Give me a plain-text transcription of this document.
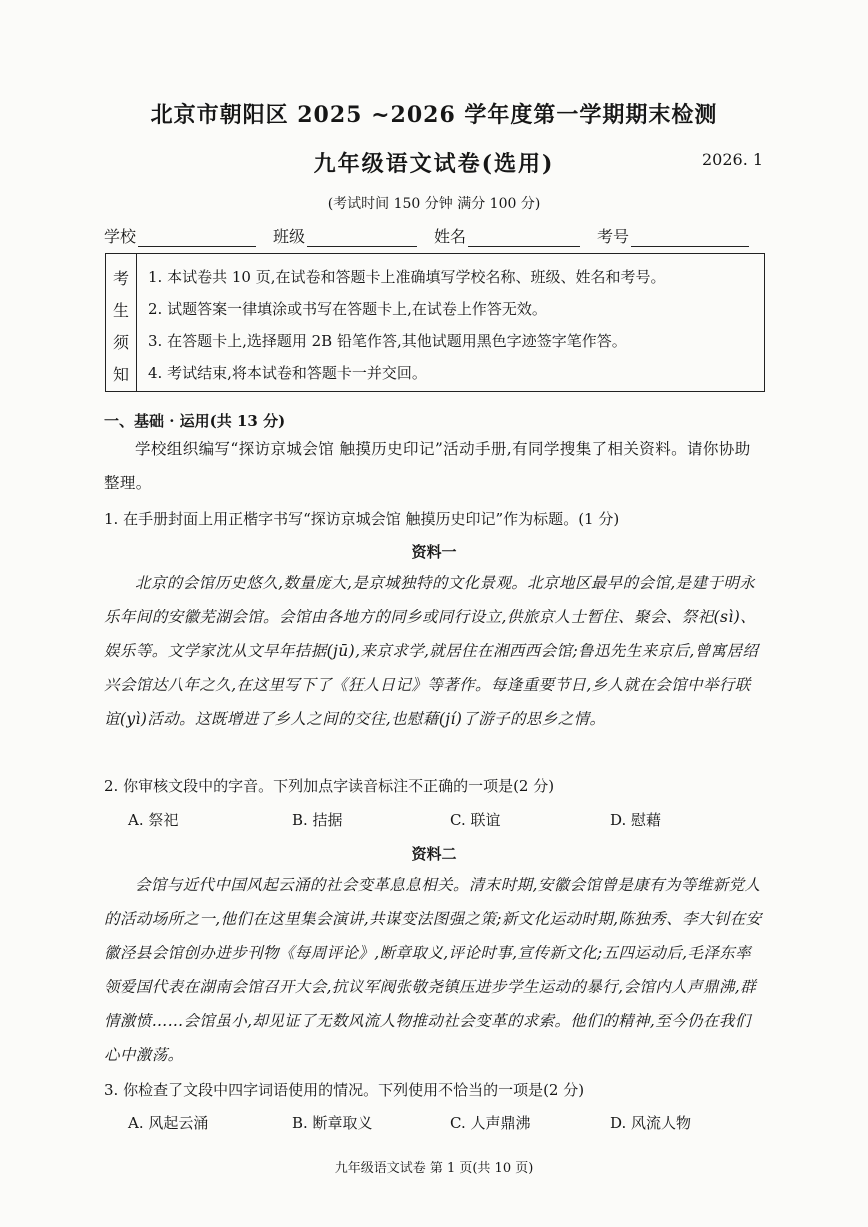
北京市朝阳区 2025 ~2026 学年度第一学期期末检测
九年级语文试卷(选用)	2026. 1
(考试时间 150 分钟 满分 100 分)
学校	班级	姓名	考号
考
生
须
知
1. 本试卷共 10 页,在试卷和答题卡上准确填写学校名称、班级、姓名和考号。
2. 试题答案一律填涂或书写在答题卡上,在试卷上作答无效。
3. 在答题卡上,选择题用 2B 铅笔作答,其他试题用黑色字迹签字笔作答。
4. 考试结束,将本试卷和答题卡一并交回。
一、基础 · 运用(共 13 分)
学校组织编写“探访京城会馆 触摸历史印记”活动手册,有同学搜集了相关资料。请你协助整理。
1. 在手册封面上用正楷字书写“探访京城会馆 触摸历史印记”作为标题。(1 分)
资料一
北京的会馆历史悠久,数量庞大,是京城独特的文化景观。北京地区最早的会馆,是建于明永乐年间的安徽芜湖会馆。会馆由各地方的同乡或同行设立,供旅京人士暂住、聚会、祭祀(sì)、娱乐等。文学家沈从文早年拮据(jū),来京求学,就居住在湘西西会馆;鲁迅先生来京后,曾寓居绍兴会馆达八年之久,在这里写下了《狂人日记》等著作。每逢重要节日,乡人就在会馆中举行联谊(yì)活动。这既增进了乡人之间的交往,也慰藉(jí)了游子的思乡之情。
2. 你审核文段中的字音。下列加点字读音标注不正确的一项是(2 分)
A. 祭祀	B. 拮据	C. 联谊	D. 慰藉
资料二
会馆与近代中国风起云涌的社会变革息息相关。清末时期,安徽会馆曾是康有为等维新党人的活动场所之一,他们在这里集会演讲,共谋变法图强之策;新文化运动时期,陈独秀、李大钊在安徽泾县会馆创办进步刊物《每周评论》,断章取义,评论时事,宣传新文化;五四运动后,毛泽东率领爱国代表在湖南会馆召开大会,抗议军阀张敬尧镇压进步学生运动的暴行,会馆内人声鼎沸,群情激愤……会馆虽小,却见证了无数风流人物推动社会变革的求索。他们的精神,至今仍在我们心中激荡。
3. 你检查了文段中四字词语使用的情况。下列使用不恰当的一项是(2 分)
A. 风起云涌	B. 断章取义	C. 人声鼎沸	D. 风流人物
九年级语文试卷 第 1 页(共 10 页)
